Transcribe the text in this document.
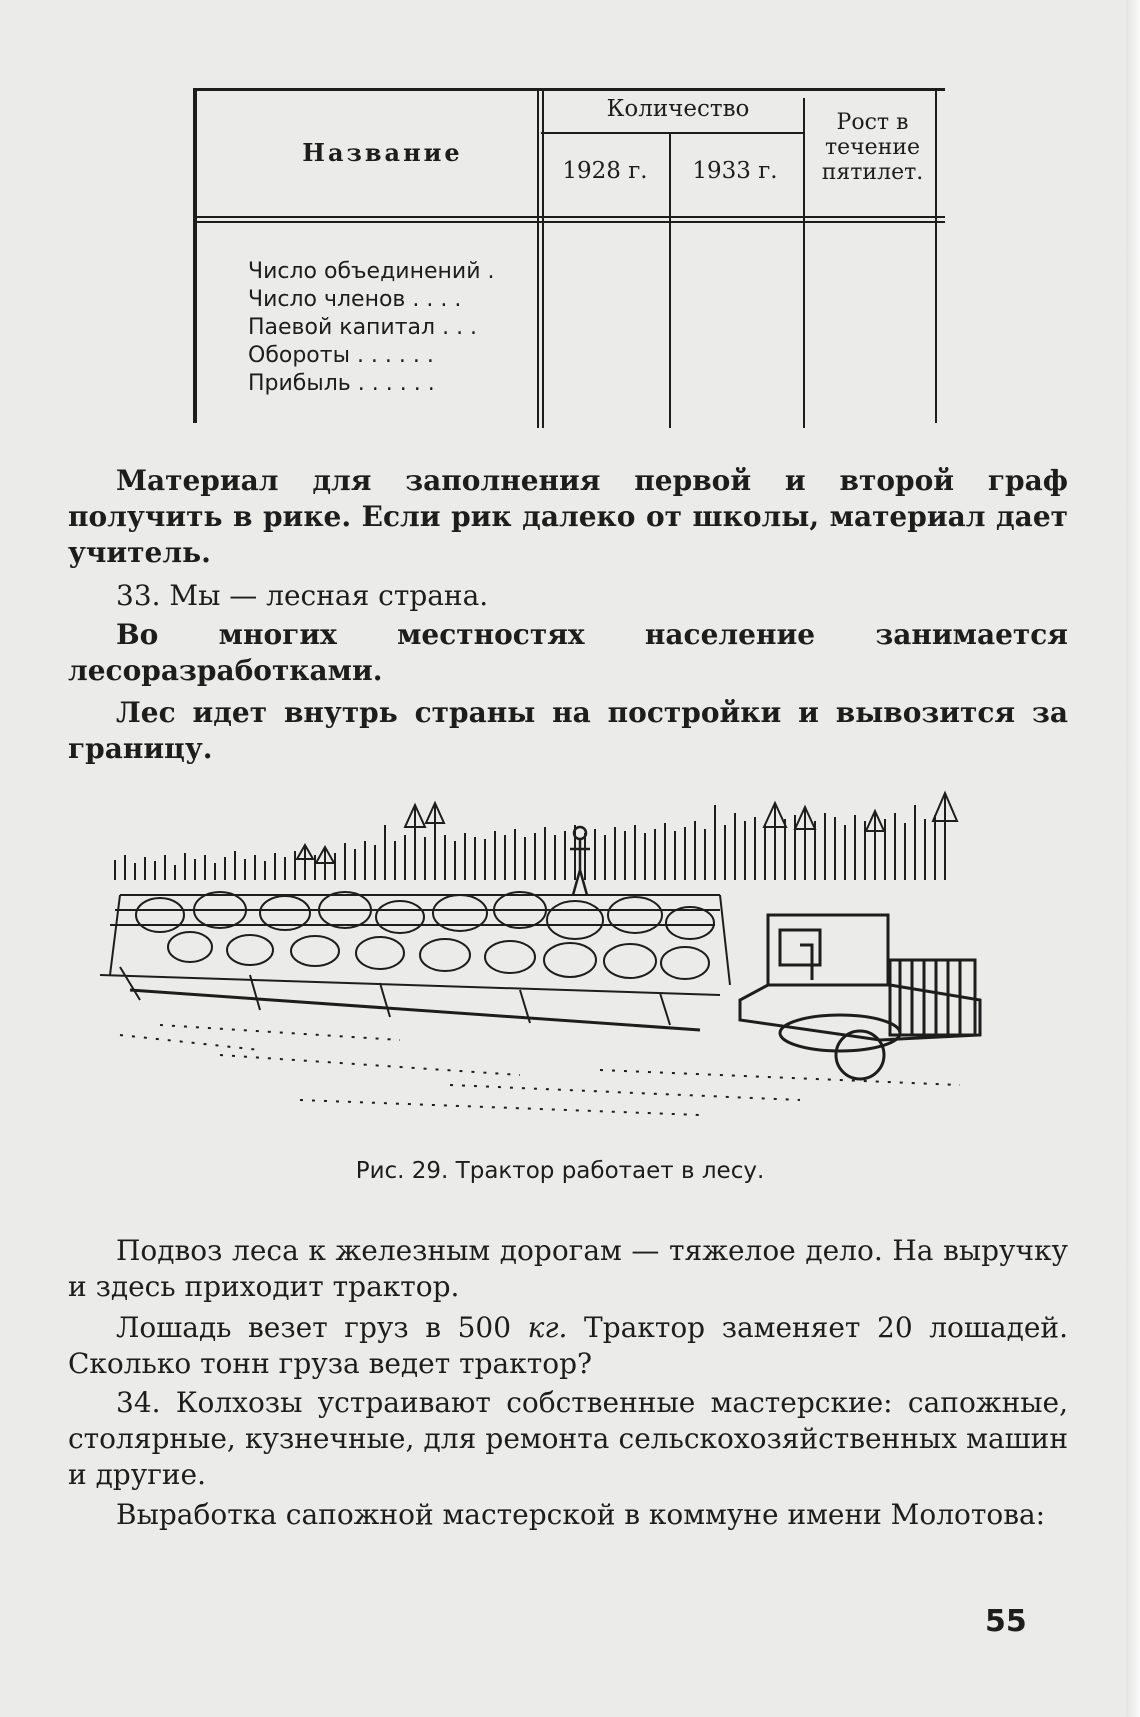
Название
Количество
1928 г.	1933 г.
Рост в
течение
пятилет.
Число объединений .
Число членов . . . .
Паевой капитал . . .
Обороты . . . . . .
Прибыль . . . . . .
Материал для заполнения первой и второй граф получить в рике. Если рик далеко от школы, материал дает учитель.
33. Мы — лесная страна.
Во многих местностях население занимается лесоразработками.
Лес идет внутрь страны на постройки и вывозится за границу.
Рис. 29. Трактор работает в лесу.
Подвоз леса к железным дорогам — тяжелое дело. На выручку и здесь приходит трактор.
Лошадь везет груз в 500 кг. Трактор заменяет 20 лошадей. Сколько тонн груза ведет трактор?
34. Колхозы устраивают собственные мастерские: сапожные, столярные, кузнечные, для ремонта сельскохозяйственных машин и другие.
Выработка сапожной мастерской в коммуне имени Молотова:
55
